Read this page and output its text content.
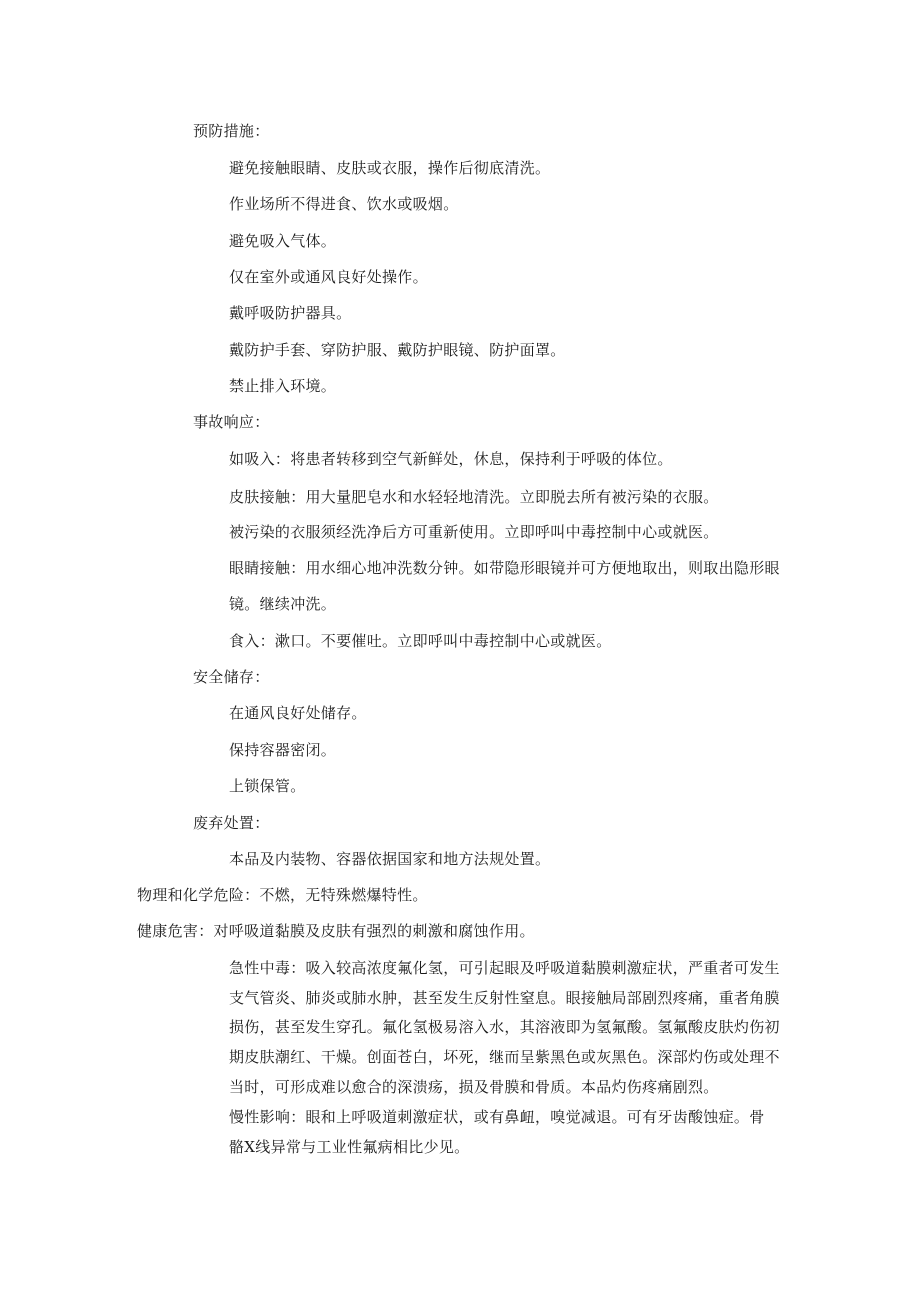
预防措施：
避免接触眼睛、皮肤或衣服，操作后彻底清洗。
作业场所不得进食、饮水或吸烟。
避免吸入气体。
仅在室外或通风良好处操作。
戴呼吸防护器具。
戴防护手套、穿防护服、戴防护眼镜、防护面罩。
禁止排入环境。
事故响应：
如吸入：将患者转移到空气新鲜处，休息，保持利于呼吸的体位。
皮肤接触：用大量肥皂水和水轻轻地清洗。立即脱去所有被污染的衣服。
被污染的衣服须经洗净后方可重新使用。立即呼叫中毒控制中心或就医。
眼睛接触：用水细心地冲洗数分钟。如带隐形眼镜并可方便地取出，则取出隐形眼
镜。继续冲洗。
食入：漱口。不要催吐。立即呼叫中毒控制中心或就医。
安全储存：
在通风良好处储存。
保持容器密闭。
上锁保管。
废弃处置：
本品及内装物、容器依据国家和地方法规处置。
物理和化学危险：不燃，无特殊燃爆特性。
健康危害：对呼吸道黏膜及皮肤有强烈的刺激和腐蚀作用。
急性中毒：吸入较高浓度氟化氢，可引起眼及呼吸道黏膜刺激症状，严重者可发生
支气管炎、肺炎或肺水肿，甚至发生反射性窒息。眼接触局部剧烈疼痛，重者角膜
损伤，甚至发生穿孔。氟化氢极易溶入水，其溶液即为氢氟酸。氢氟酸皮肤灼伤初
期皮肤潮红、干燥。创面苍白，坏死，继而呈紫黑色或灰黑色。深部灼伤或处理不
当时，可形成难以愈合的深溃疡，损及骨膜和骨质。本品灼伤疼痛剧烈。
慢性影响：眼和上呼吸道刺激症状，或有鼻衄，嗅觉减退。可有牙齿酸蚀症。骨
骼X线异常与工业性氟病相比少见。
